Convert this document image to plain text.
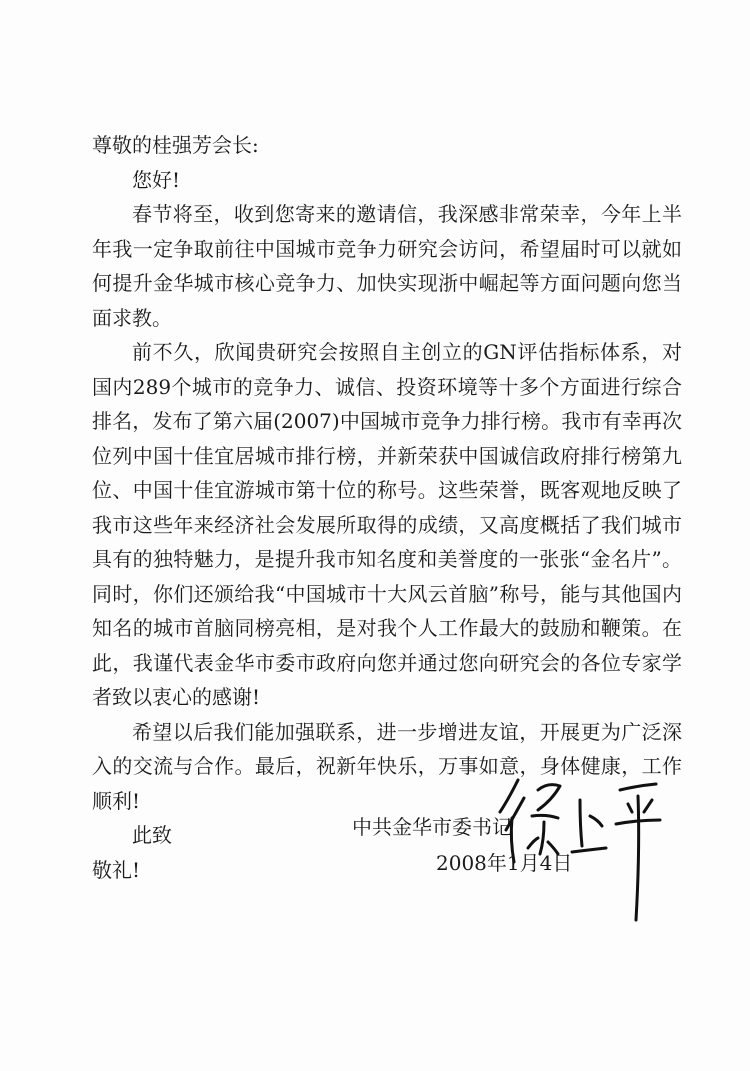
尊敬的桂强芳会长:

您好!

春节将至，收到您寄来的邀请信，我深感非常荣幸，今年上半年我一定争取前往中国城市竞争力研究会访问，希望届时可以就如何提升金华城市核心竞争力、加快实现浙中崛起等方面问题向您当面求教。

前不久，欣闻贵研究会按照自主创立的GN评估指标体系，对国内289个城市的竞争力、诚信、投资环境等十多个方面进行综合排名，发布了第六届(2007)中国城市竞争力排行榜。我市有幸再次位列中国十佳宜居城市排行榜，并新荣获中国诚信政府排行榜第九位、中国十佳宜游城市第十位的称号。这些荣誉，既客观地反映了我市这些年来经济社会发展所取得的成绩，又高度概括了我们城市具有的独特魅力，是提升我市知名度和美誉度的一张张“金名片”。同时，你们还颁给我“中国城市十大风云首脑”称号，能与其他国内知名的城市首脑同榜亮相，是对我个人工作最大的鼓励和鞭策。在此，我谨代表金华市委市政府向您并通过您向研究会的各位专家学者致以衷心的感谢!

希望以后我们能加强联系，进一步增进友谊，开展更为广泛深入的交流与合作。最后，祝新年快乐，万事如意，身体健康，工作顺利!

此致

敬礼!

中共金华市委书记
2008年1月4日
